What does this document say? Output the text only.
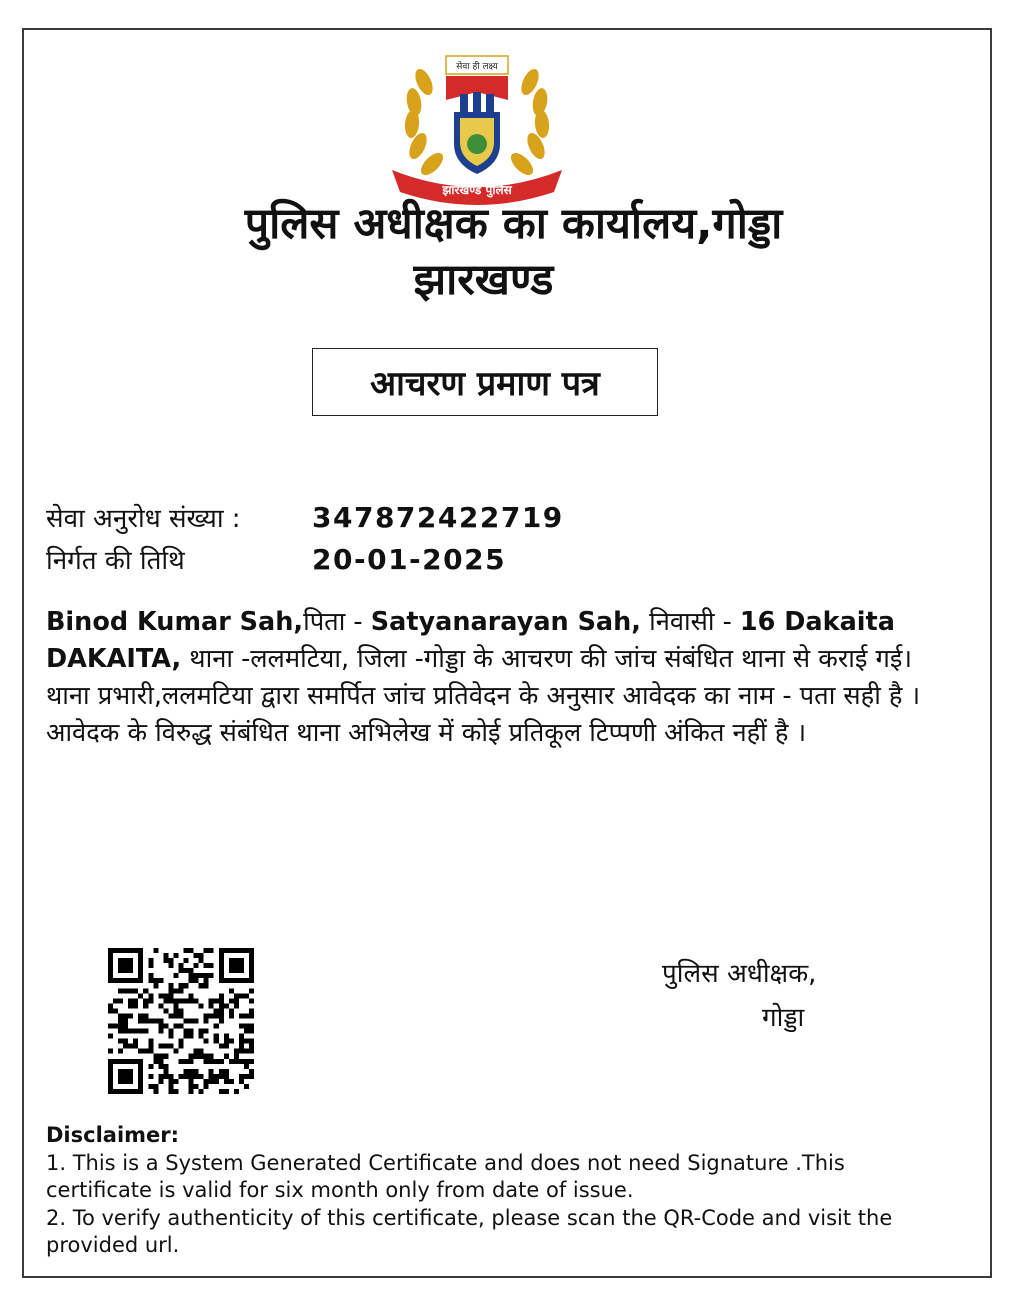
सेवा ही लक्ष्य
झारखण्ड पुलिस
पुलिस अधीक्षक का कार्यालय,गोड्डा
झारखण्ड
आचरण प्रमाण पत्र
सेवा अनुरोध संख्या :	347872422719
निर्गत की तिथि	20-01-2025
Binod Kumar Sah,पिता - Satyanarayan Sah, निवासी - 16 Dakaita DAKAITA, थाना -ललमटिया, जिला -गोड्डा के आचरण की जांच संबंधित थाना से कराई गई। थाना प्रभारी,ललमटिया द्वारा समर्पित जांच प्रतिवेदन के अनुसार आवेदक का नाम - पता सही है । आवेदक के विरुद्ध संबंधित थाना अभिलेख में कोई प्रतिकूल टिप्पणी अंकित नहीं है ।
पुलिस अधीक्षक,
गोड्डा
Disclaimer:
1. This is a System Generated Certificate and does not need Signature .This certificate is valid for six month only from date of issue.
2. To verify authenticity of this certificate, please scan the QR-Code and visit the provided url.
